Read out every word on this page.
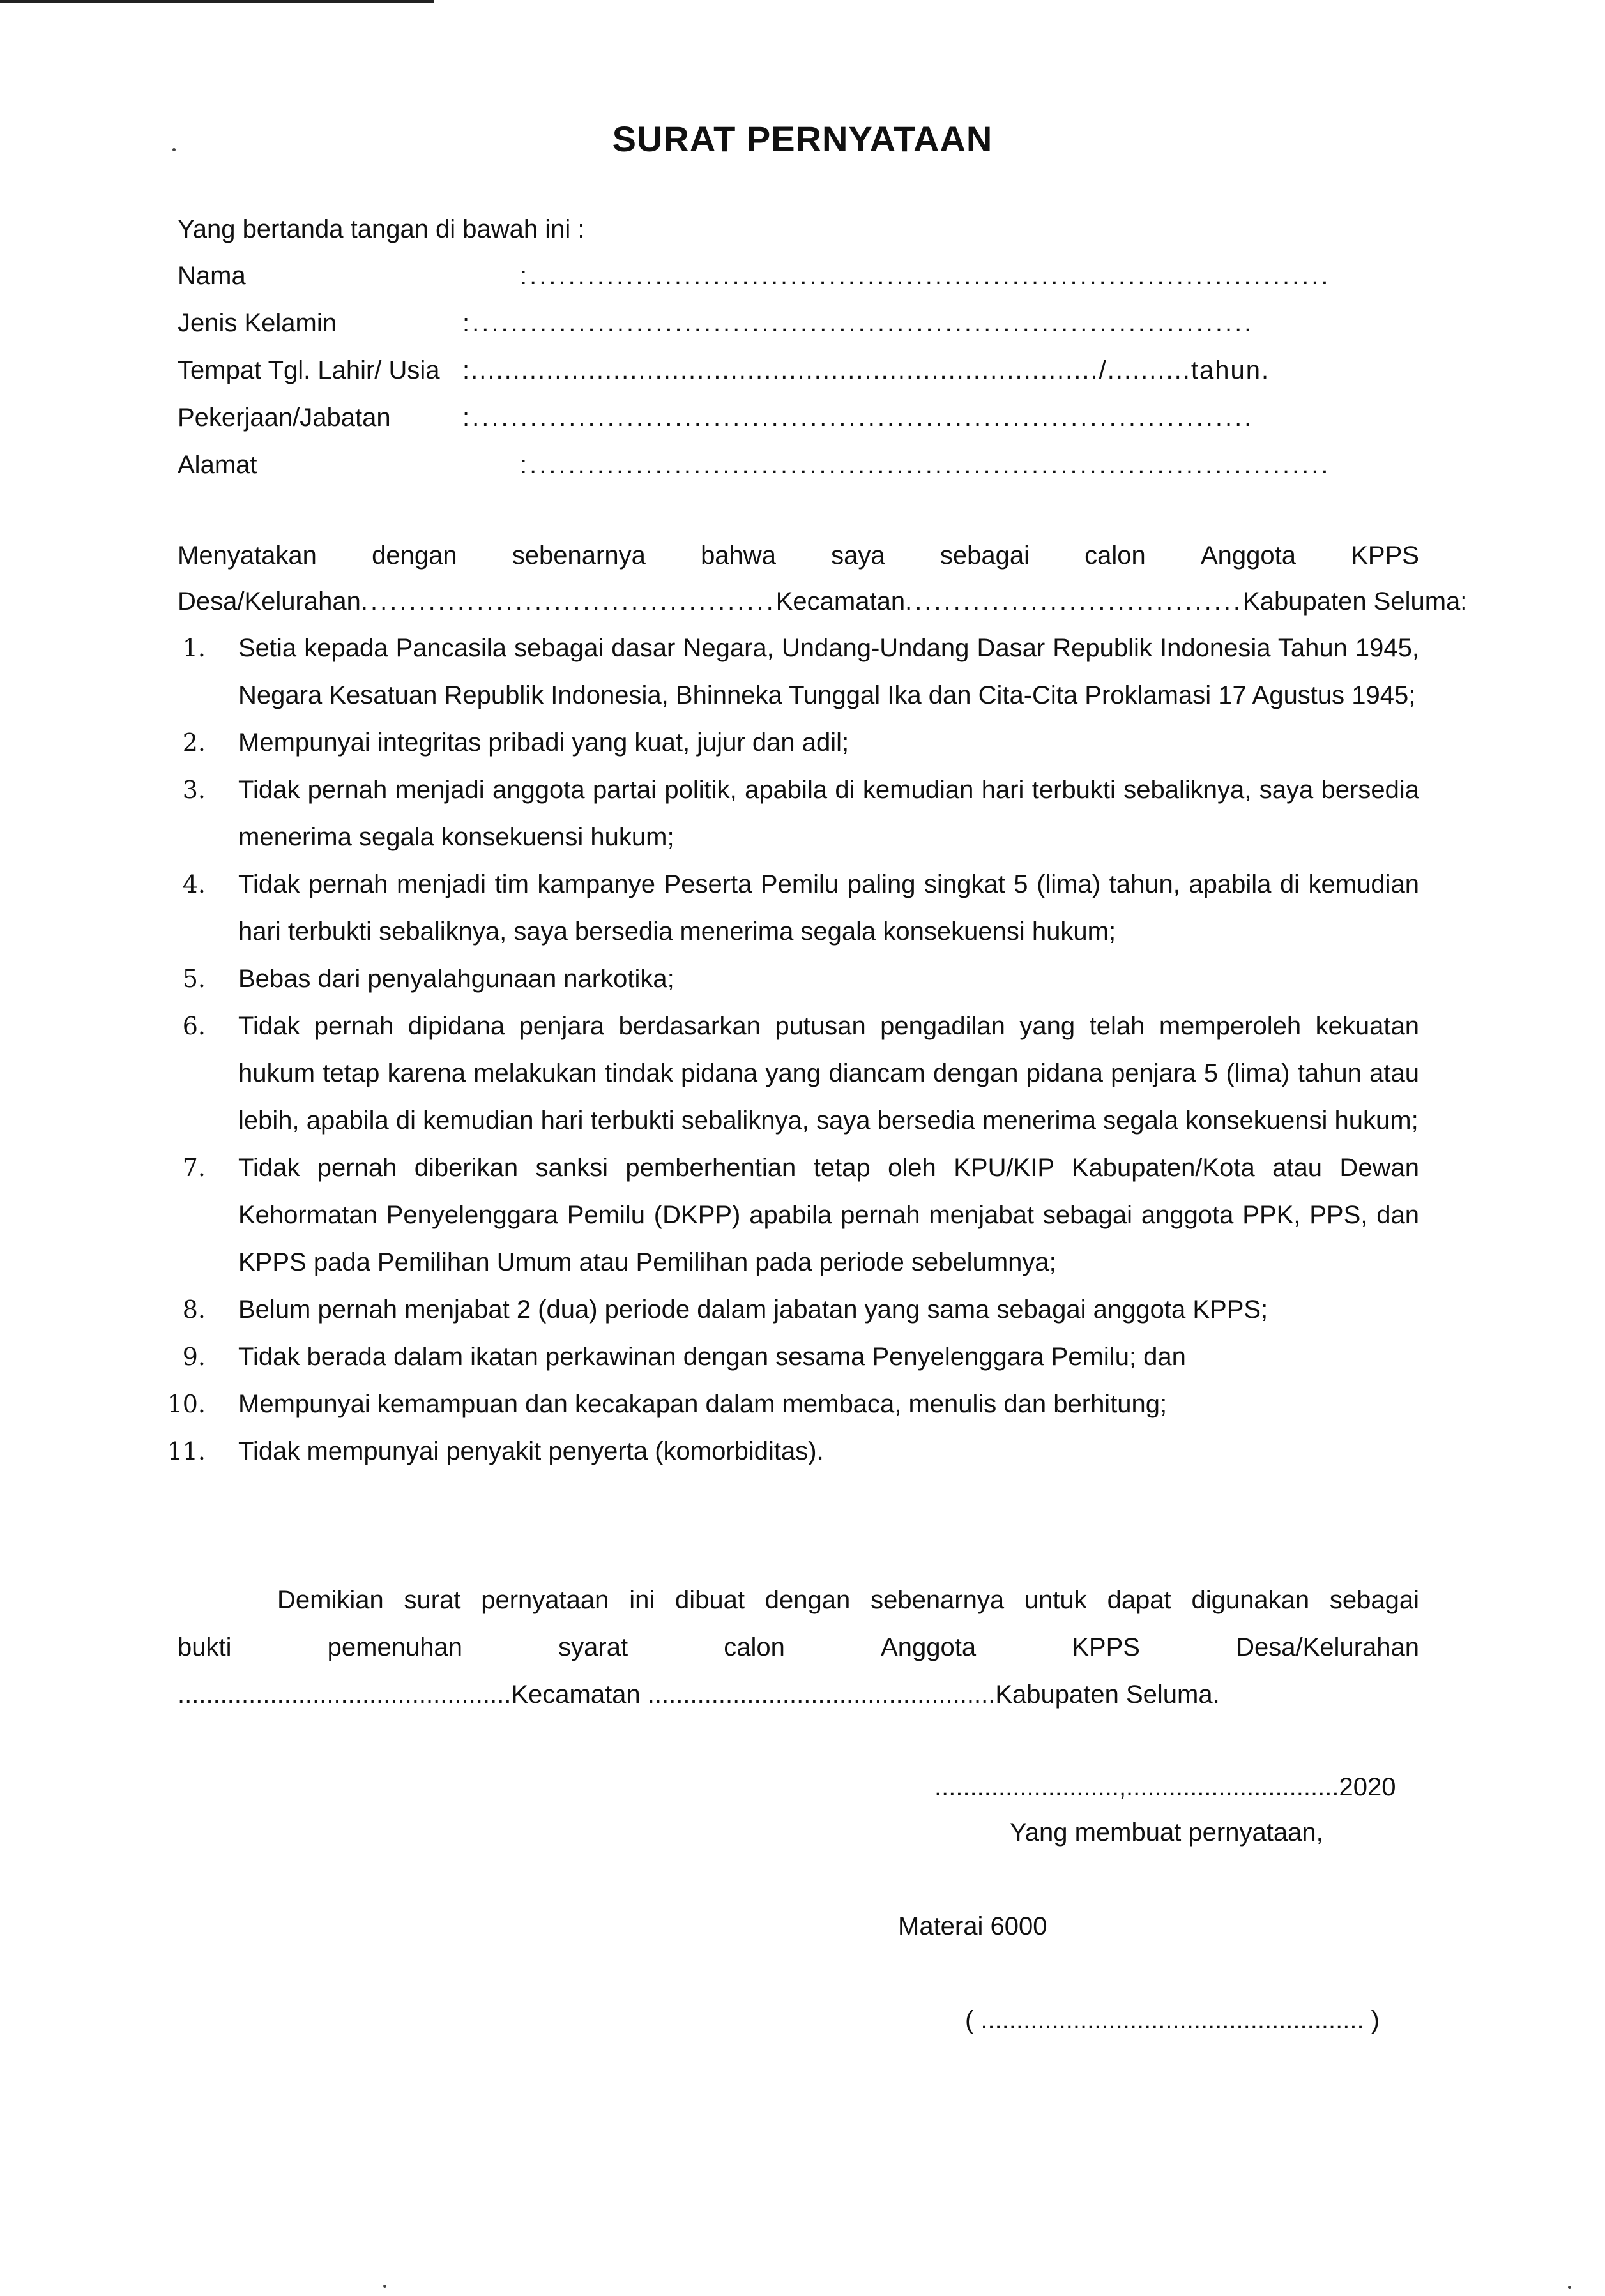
SURAT PERNYATAAN
Yang bertanda tangan di bawah ini :
Nama	:...................................................................................
Jenis Kelamin	:.................................................................................
Tempat Tgl. Lahir/ Usia :.........................................................................../..........tahun.
Pekerjaan/Jabatan	:.................................................................................
Alamat	:...................................................................................
Menyatakan dengan sebenarnya bahwa saya sebagai calon Anggota KPPS
Desa/Kelurahan...........................................Kecamatan...................................Kabupaten Seluma:
1. Setia kepada Pancasila sebagai dasar Negara, Undang-Undang Dasar Republik Indonesia Tahun 1945, Negara Kesatuan Republik Indonesia, Bhinneka Tunggal Ika dan Cita-Cita Proklamasi 17 Agustus 1945;
2. Mempunyai integritas pribadi yang kuat, jujur dan adil;
3. Tidak pernah menjadi anggota partai politik, apabila di kemudian hari terbukti sebaliknya, saya bersedia menerima segala konsekuensi hukum;
4. Tidak pernah menjadi tim kampanye Peserta Pemilu paling singkat 5 (lima) tahun, apabila di kemudian hari terbukti sebaliknya, saya bersedia menerima segala konsekuensi hukum;
5. Bebas dari penyalahgunaan narkotika;
6. Tidak pernah dipidana penjara berdasarkan putusan pengadilan yang telah memperoleh kekuatan hukum tetap karena melakukan tindak pidana yang diancam dengan pidana penjara 5 (lima) tahun atau lebih, apabila di kemudian hari terbukti sebaliknya, saya bersedia menerima segala konsekuensi hukum;
7. Tidak pernah diberikan sanksi pemberhentian tetap oleh KPU/KIP Kabupaten/Kota atau Dewan Kehormatan Penyelenggara Pemilu (DKPP) apabila pernah menjabat sebagai anggota PPK, PPS, dan KPPS pada Pemilihan Umum atau Pemilihan pada periode sebelumnya;
8. Belum pernah menjabat 2 (dua) periode dalam jabatan yang sama sebagai anggota KPPS;
9. Tidak berada dalam ikatan perkawinan dengan sesama Penyelenggara Pemilu; dan
10. Mempunyai kemampuan dan kecakapan dalam membaca, menulis dan berhitung;
11. Tidak mempunyai penyakit penyerta (komorbiditas).
Demikian surat pernyataan ini dibuat dengan sebenarnya untuk dapat digunakan sebagai
bukti	pemenuhan	syarat	calon	Anggota	KPPS	Desa/Kelurahan
...............................................Kecamatan .................................................Kabupaten Seluma.
..........................,..............................2020
Yang membuat pernyataan,
Materai 6000
( ...................................................... )
